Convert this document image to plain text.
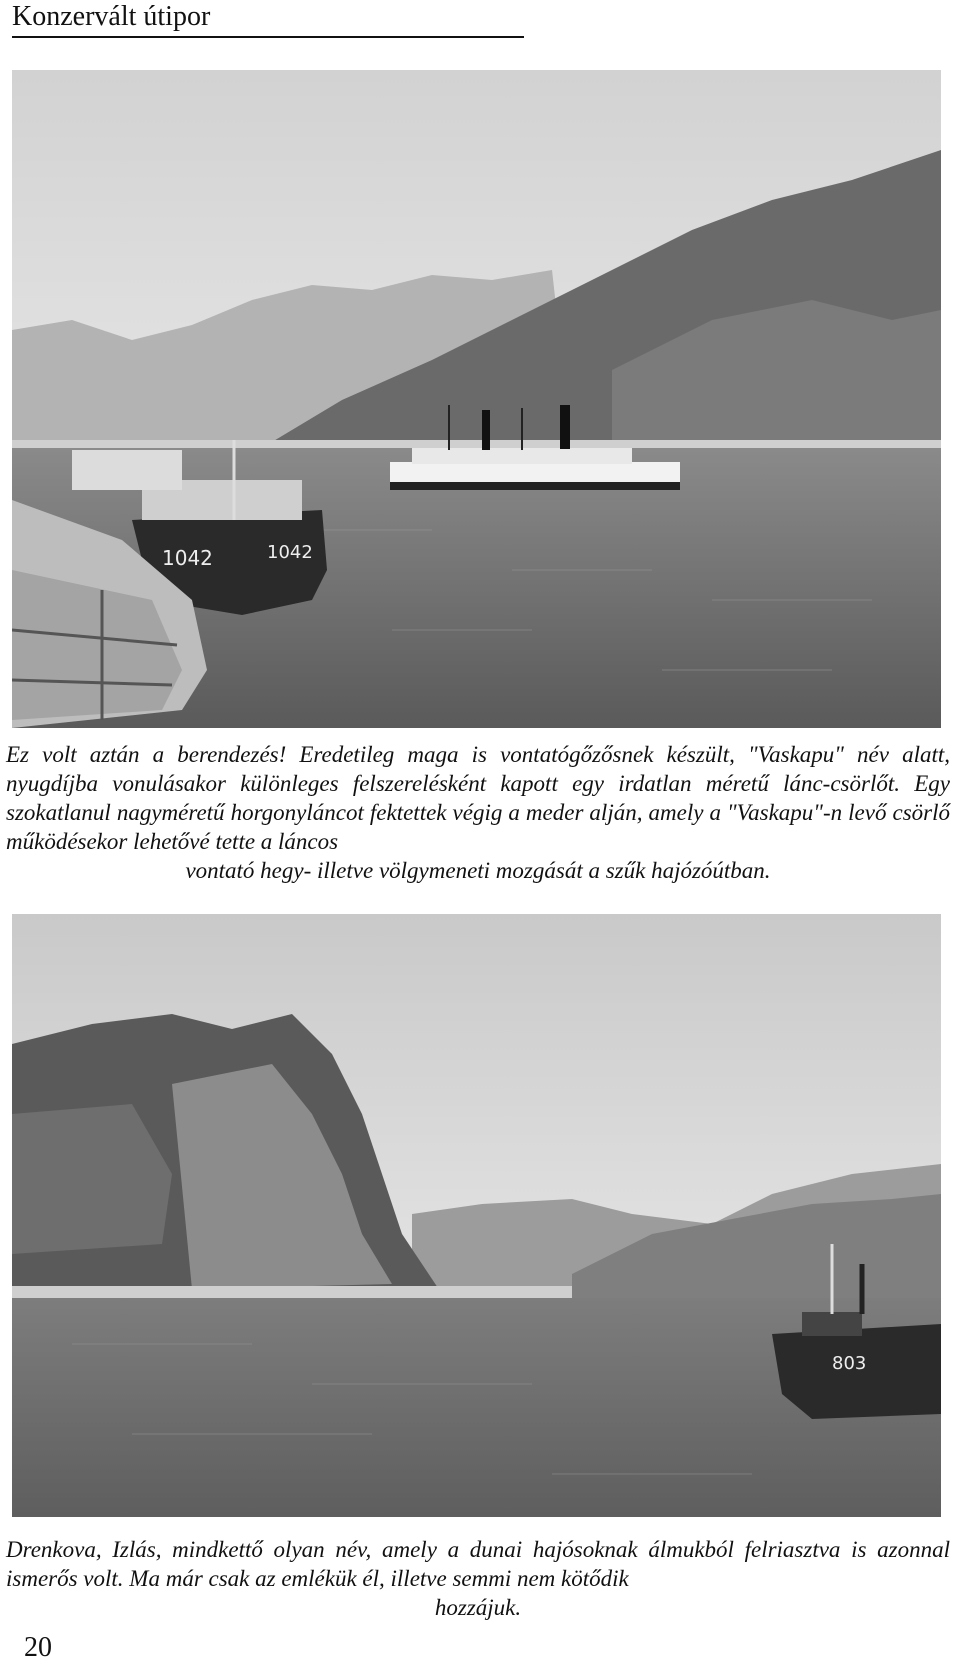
Konzervált útipor
1042	1042
Ez volt aztán a berendezés! Eredetileg maga is vontatógőzősnek készült, "Vaskapu" név alatt, nyugdíjba vonulásakor különleges felszerelésként kapott egy irdatlan méretű lánc-csörlőt. Egy szokatlanul nagyméretű horgonyláncot fektettek végig a meder alján, amely a "Vaskapu"-n levő csörlő működésekor lehetővé tette a láncos
vontató hegy- illetve völgymeneti mozgását a szűk hajózóútban.
803
Drenkova, Izlás, mindkettő olyan név, amely a dunai hajósoknak álmukból felriasztva is azonnal ismerős volt. Ma már csak az emlékük él, illetve semmi nem kötődik
hozzájuk.
20
